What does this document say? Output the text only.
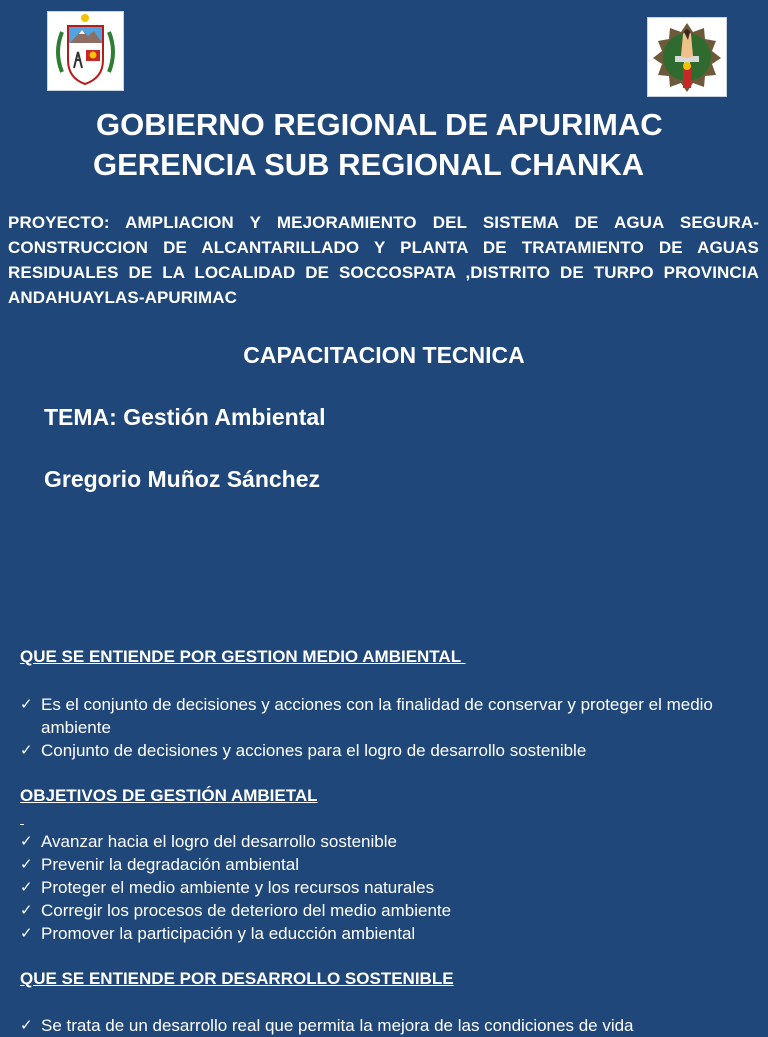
GOBIERNO REGIONAL DE APURIMAC
GERENCIA SUB REGIONAL CHANKA
PROYECTO: AMPLIACION Y MEJORAMIENTO DEL SISTEMA DE AGUA SEGURA-CONSTRUCCION DE ALCANTARILLADO Y PLANTA DE TRATAMIENTO DE AGUAS RESIDUALES DE LA LOCALIDAD DE SOCCOSPATA ,DISTRITO DE TURPO PROVINCIA ANDAHUAYLAS-APURIMAC
CAPACITACION TECNICA
TEMA: Gestión Ambiental
Gregorio Muñoz Sánchez
QUE SE ENTIENDE POR GESTION MEDIO AMBIENTAL
✓ Es el conjunto de decisiones y acciones con la finalidad de conservar y proteger el medio ambiente
✓ Conjunto de decisiones y acciones para el logro de desarrollo sostenible
OBJETIVOS DE GESTIÓN AMBIETAL

✓ Avanzar hacia el logro del desarrollo sostenible
✓ Prevenir la degradación ambiental
✓ Proteger el medio ambiente y los recursos naturales
✓ Corregir los procesos de deterioro del medio ambiente
✓ Promover la participación y la educción ambiental
QUE SE ENTIENDE POR DESARROLLO SOSTENIBLE
✓ Se trata de un desarrollo real que permita la mejora de las condiciones de vida
